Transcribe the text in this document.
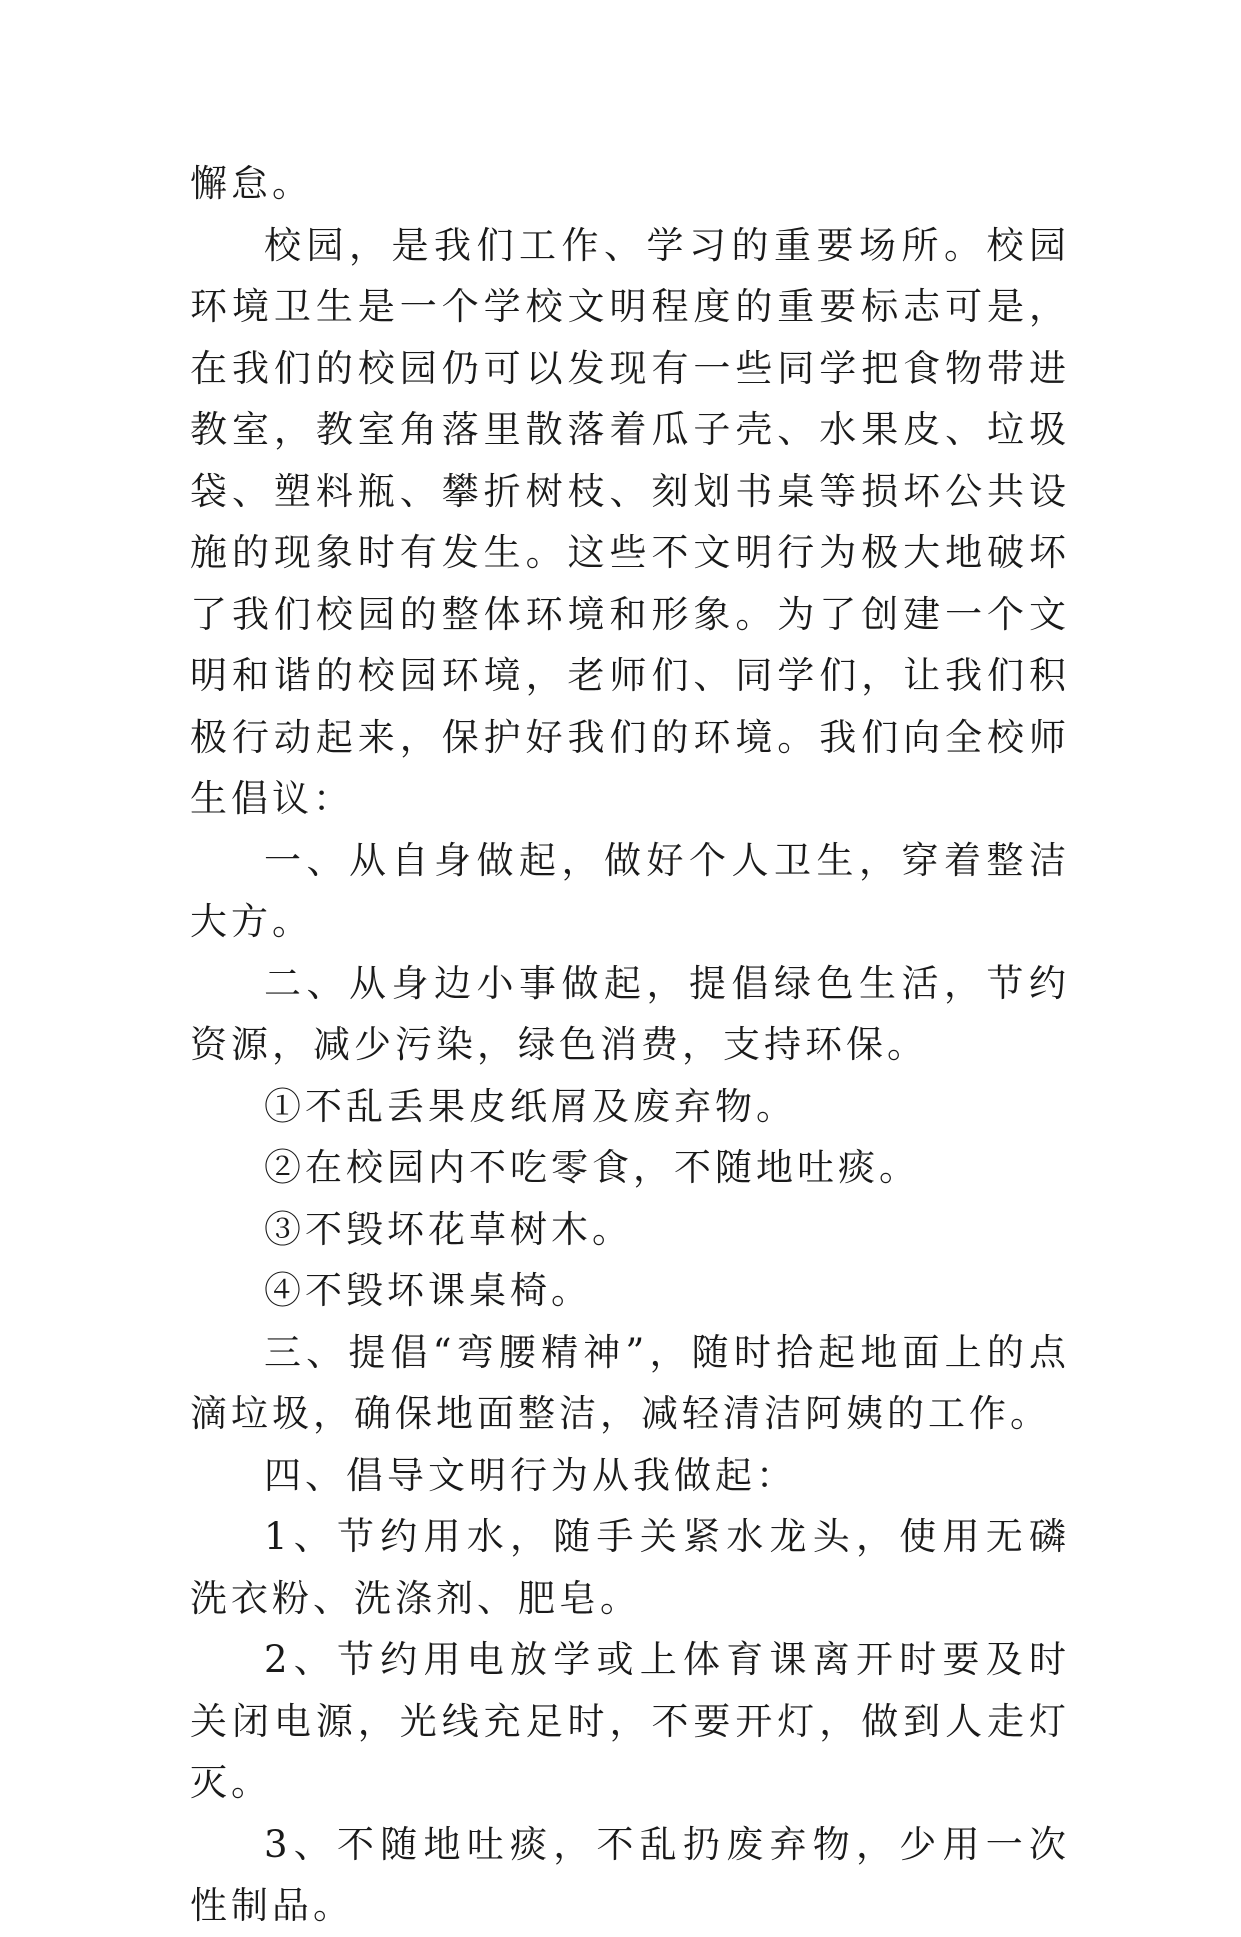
懈怠。

校园，是我们工作、学习的重要场所。校园环境卫生是一个学校文明程度的重要标志可是，在我们的校园仍可以发现有一些同学把食物带进教室，教室角落里散落着瓜子壳、水果皮、垃圾袋、塑料瓶、攀折树枝、刻划书桌等损坏公共设施的现象时有发生。这些不文明行为极大地破坏了我们校园的整体环境和形象。为了创建一个文明和谐的校园环境，老师们、同学们，让我们积极行动起来，保护好我们的环境。我们向全校师生倡议：

一、从自身做起，做好个人卫生，穿着整洁大方。

二、从身边小事做起，提倡绿色生活，节约资源，减少污染，绿色消费，支持环保。

①不乱丢果皮纸屑及废弃物。

②在校园内不吃零食，不随地吐痰。

③不毁坏花草树木。

④不毁坏课桌椅。

三、提倡“弯腰精神”，随时拾起地面上的点滴垃圾，确保地面整洁，减轻清洁阿姨的工作。

四、倡导文明行为从我做起：

1、节约用水，随手关紧水龙头，使用无磷洗衣粉、洗涤剂、肥皂。

2、节约用电放学或上体育课离开时要及时关闭电源，光线充足时，不要开灯，做到人走灯灭。

3、不随地吐痰，不乱扔废弃物，少用一次性制品。
